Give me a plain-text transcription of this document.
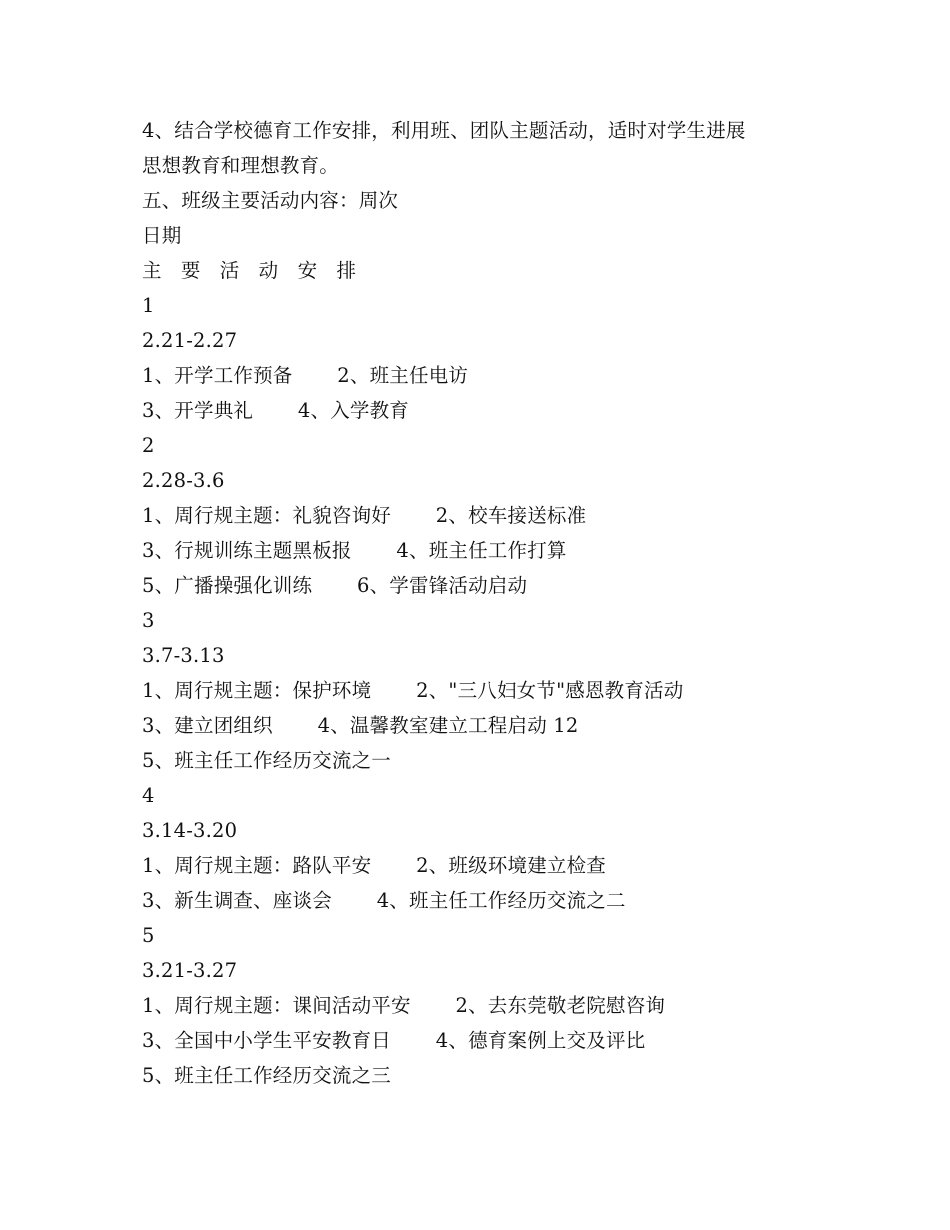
4、结合学校德育工作安排，利用班、团队主题活动，适时对学生进展

思想教育和理想教育。

五、班级主要活动内容：周次

日期

主   要   活   动   安   排

1

2.21-2.27

1、开学工作预备       2、班主任电访

3、开学典礼       4、入学教育

2

2.28-3.6

1、周行规主题：礼貌咨询好       2、校车接送标准

3、行规训练主题黑板报       4、班主任工作打算

5、广播操强化训练       6、学雷锋活动启动

3

3.7-3.13

1、周行规主题：保护环境       2、"三八妇女节"感恩教育活动

3、建立团组织       4、温馨教室建立工程启动 12

5、班主任工作经历交流之一

4

3.14-3.20

1、周行规主题：路队平安       2、班级环境建立检查

3、新生调查、座谈会       4、班主任工作经历交流之二

5

3.21-3.27

1、周行规主题：课间活动平安       2、去东莞敬老院慰咨询

3、全国中小学生平安教育日       4、德育案例上交及评比

5、班主任工作经历交流之三
